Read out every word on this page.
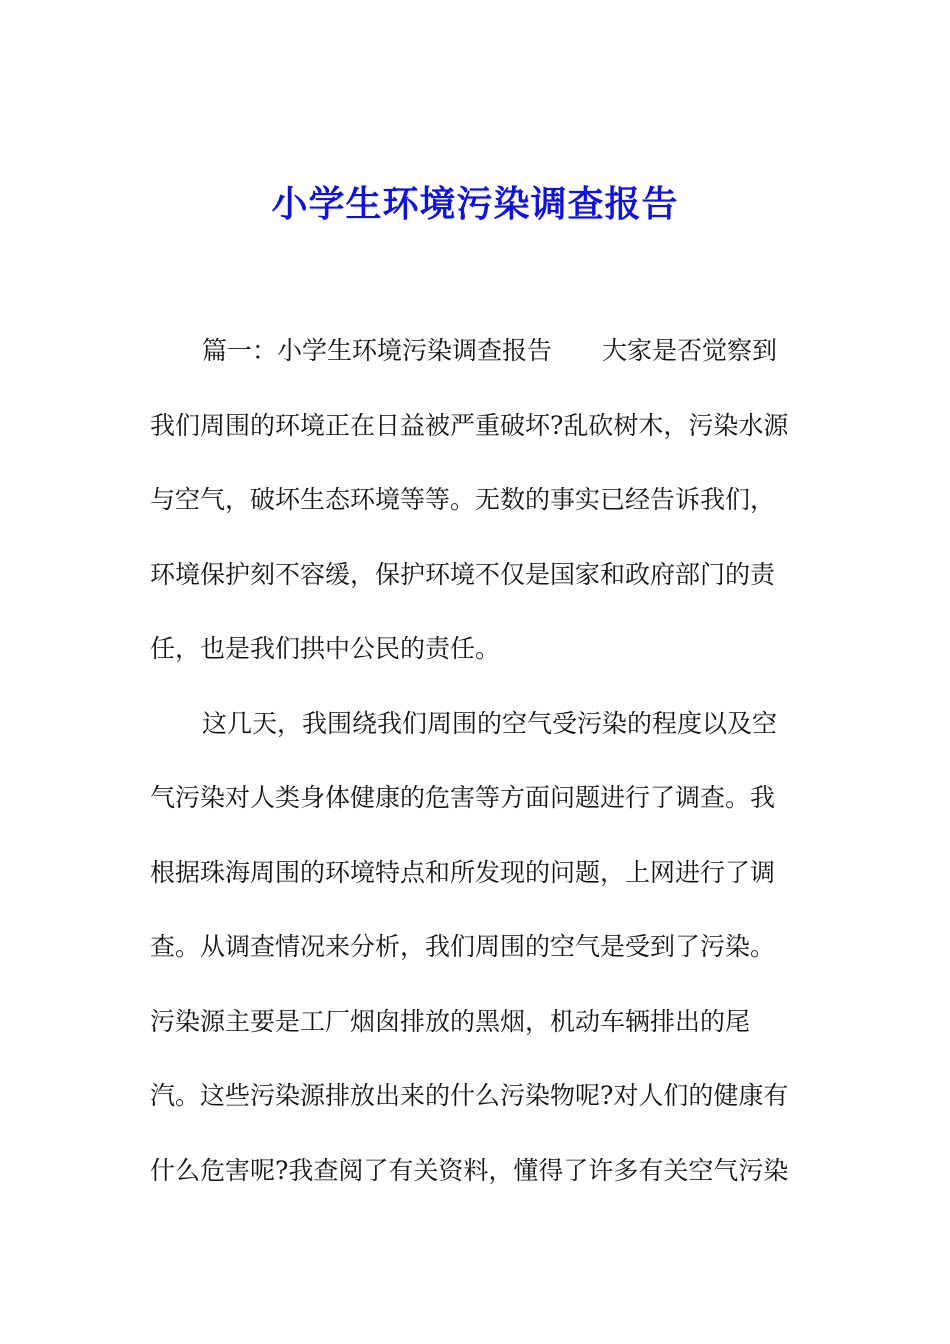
小学生环境污染调查报告
篇一：小学生环境污染调查报告　　大家是否觉察到
我们周围的环境正在日益被严重破坏?乱砍树木，污染水源
与空气，破坏生态环境等等。无数的事实已经告诉我们，
环境保护刻不容缓，保护环境不仅是国家和政府部门的责
任，也是我们拱中公民的责任。
这几天，我围绕我们周围的空气受污染的程度以及空
气污染对人类身体健康的危害等方面问题进行了调查。我
根据珠海周围的环境特点和所发现的问题，上网进行了调
查。从调查情况来分析，我们周围的空气是受到了污染。
污染源主要是工厂烟囱排放的黑烟，机动车辆排出的尾
汽。这些污染源排放出来的什么污染物呢?对人们的健康有
什么危害呢?我查阅了有关资料，懂得了许多有关空气污染
